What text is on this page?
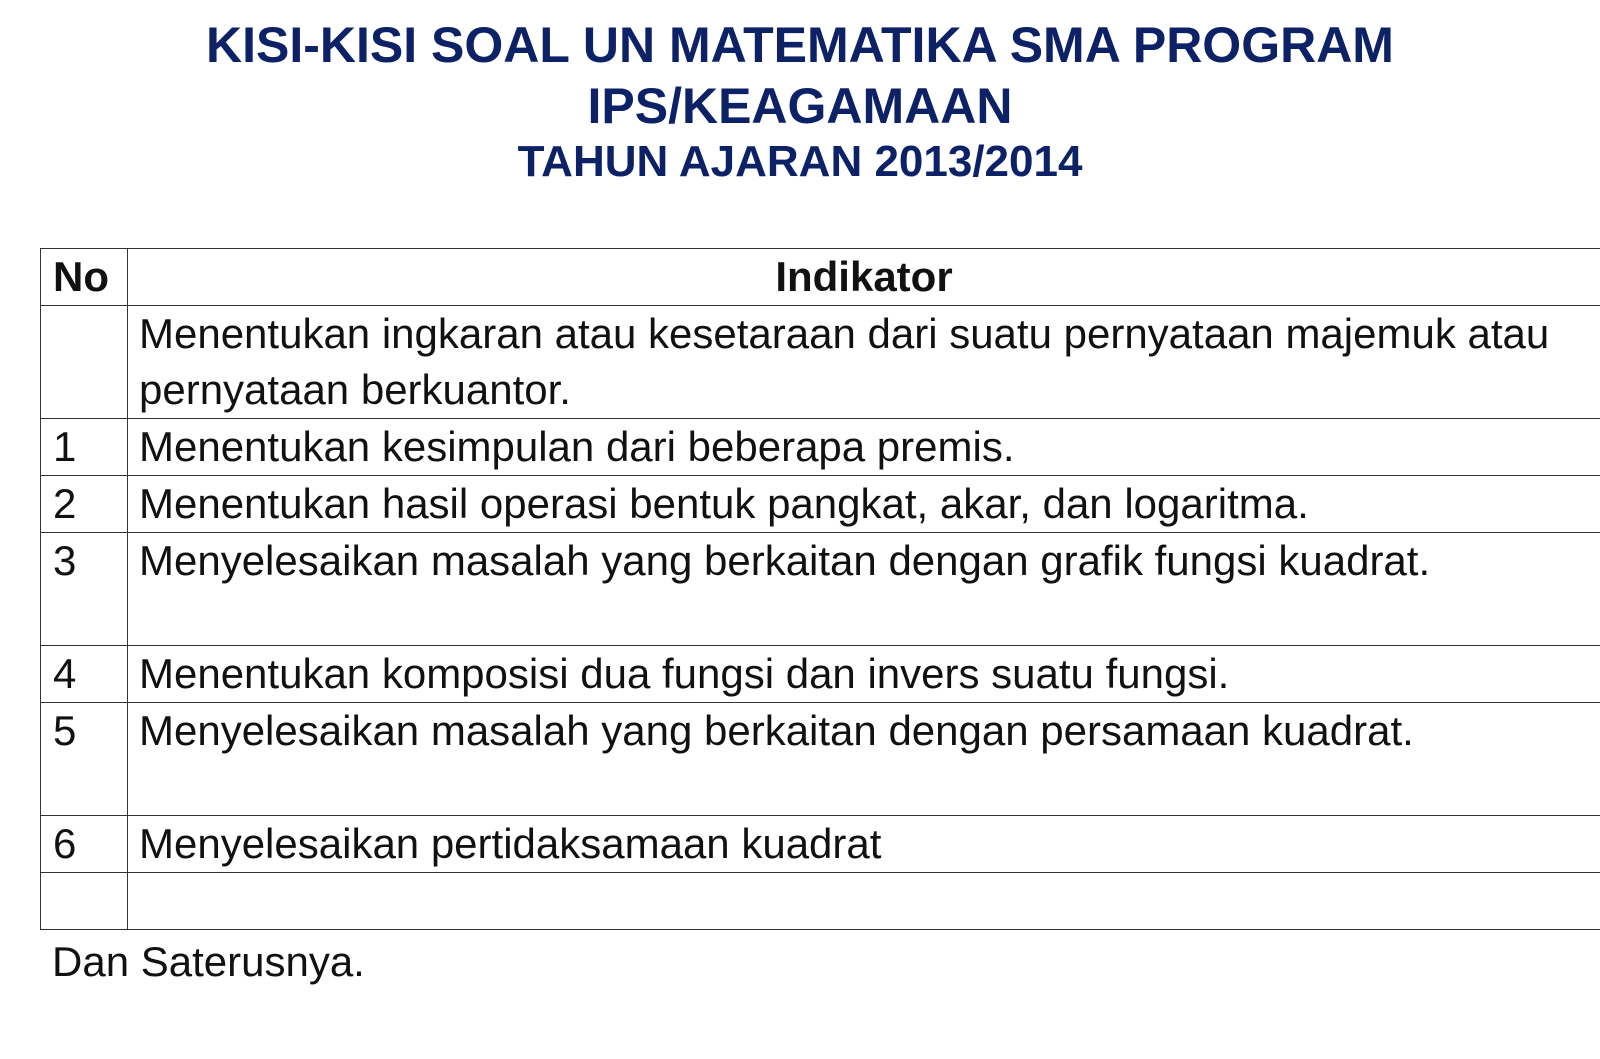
KISI-KISI SOAL UN MATEMATIKA SMA PROGRAM
IPS/KEAGAMAAN
TAHUN AJARAN 2013/2014
No	Indikator
	Menentukan ingkaran atau kesetaraan dari suatu pernyataan majemuk atau pernyataan berkuantor.
1	Menentukan kesimpulan dari beberapa premis.
2	Menentukan hasil operasi bentuk pangkat, akar, dan logaritma.
3	Menyelesaikan masalah yang berkaitan dengan grafik fungsi kuadrat.
4	Menentukan komposisi dua fungsi dan invers suatu fungsi.
5	Menyelesaikan masalah yang berkaitan dengan persamaan kuadrat.
6	Menyelesaikan pertidaksamaan kuadrat

Dan Saterusnya.
